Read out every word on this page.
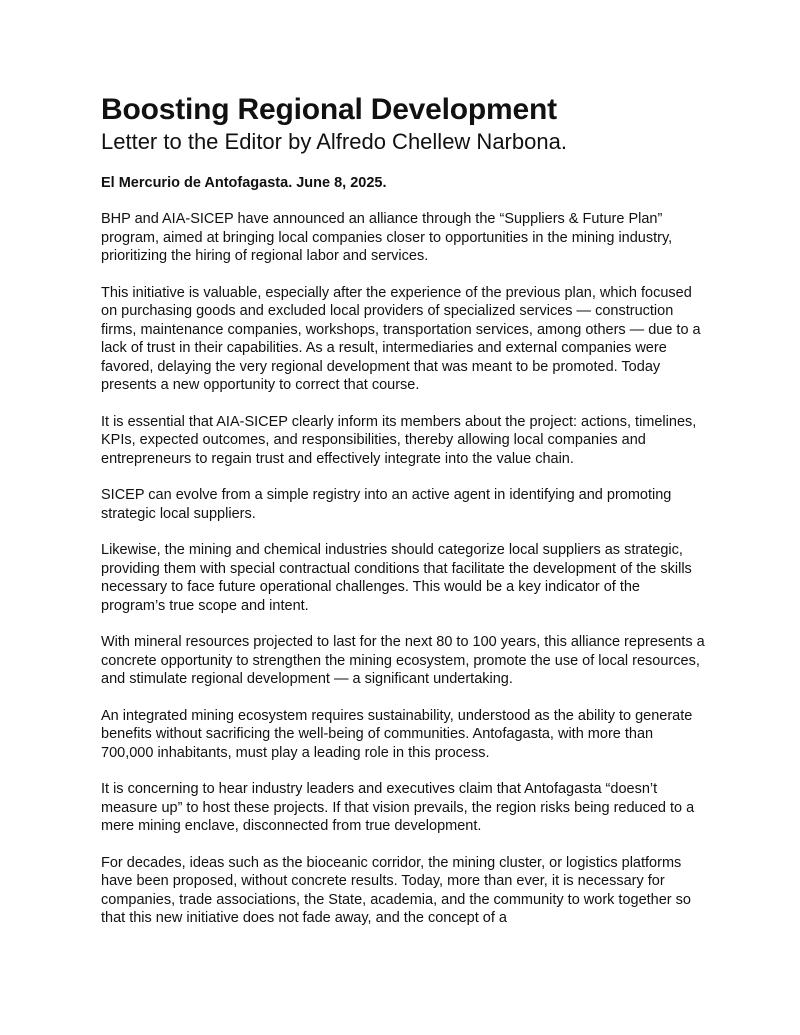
Boosting Regional Development
Letter to the Editor by Alfredo Chellew Narbona.

El Mercurio de Antofagasta. June 8, 2025.

BHP and AIA-SICEP have announced an alliance through the “Suppliers & Future Plan” program, aimed at bringing local companies closer to opportunities in the mining industry, prioritizing the hiring of regional labor and services.

This initiative is valuable, especially after the experience of the previous plan, which focused on purchasing goods and excluded local providers of specialized services — construction firms, maintenance companies, workshops, transportation services, among others — due to a lack of trust in their capabilities. As a result, intermediaries and external companies were favored, delaying the very regional development that was meant to be promoted. Today presents a new opportunity to correct that course.

It is essential that AIA-SICEP clearly inform its members about the project: actions, timelines, KPIs, expected outcomes, and responsibilities, thereby allowing local companies and entrepreneurs to regain trust and effectively integrate into the value chain.

SICEP can evolve from a simple registry into an active agent in identifying and promoting strategic local suppliers.

Likewise, the mining and chemical industries should categorize local suppliers as strategic, providing them with special contractual conditions that facilitate the development of the skills necessary to face future operational challenges. This would be a key indicator of the program’s true scope and intent.

With mineral resources projected to last for the next 80 to 100 years, this alliance represents a concrete opportunity to strengthen the mining ecosystem, promote the use of local resources, and stimulate regional development — a significant undertaking.

An integrated mining ecosystem requires sustainability, understood as the ability to generate benefits without sacrificing the well-being of communities. Antofagasta, with more than 700,000 inhabitants, must play a leading role in this process.

It is concerning to hear industry leaders and executives claim that Antofagasta “doesn’t measure up” to host these projects. If that vision prevails, the region risks being reduced to a mere mining enclave, disconnected from true development.

For decades, ideas such as the bioceanic corridor, the mining cluster, or logistics platforms have been proposed, without concrete results. Today, more than ever, it is necessary for companies, trade associations, the State, academia, and the community to work together so that this new initiative does not fade away, and the concept of a
